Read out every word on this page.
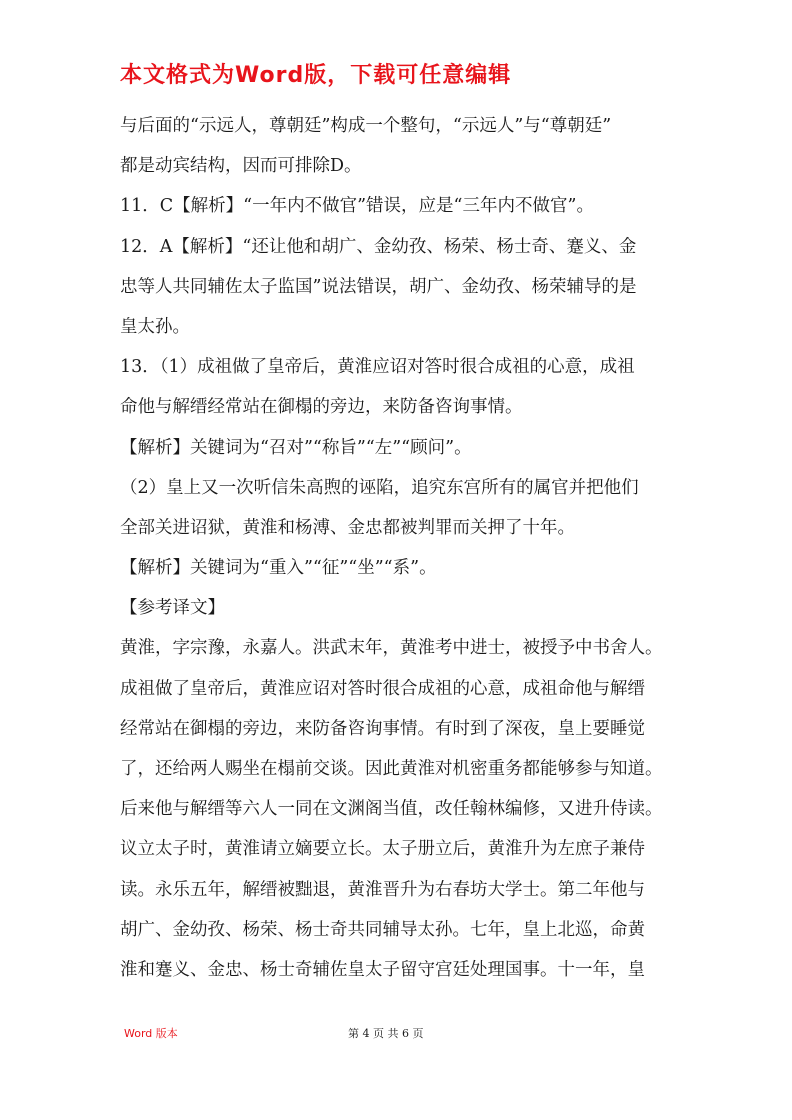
本文格式为Word版，下载可任意编辑
与后面的“示远人，尊朝廷”构成一个整句，“示远人”与“尊朝廷”
都是动宾结构，因而可排除D。
11．C【解析】“一年内不做官”错误，应是“三年内不做官”。
12．A【解析】“还让他和胡广、金幼孜、杨荣、杨士奇、蹇义、金
忠等人共同辅佐太子监国”说法错误，胡广、金幼孜、杨荣辅导的是
皇太孙。
13．（1）成祖做了皇帝后，黄淮应诏对答时很合成祖的心意，成祖
命他与解缙经常站在御榻的旁边，来防备咨询事情。
【解析】关键词为“召对”“称旨”“左”“顾问”。
（2）皇上又一次听信朱高煦的诬陷，追究东宫所有的属官并把他们
全部关进诏狱，黄淮和杨溥、金忠都被判罪而关押了十年。
【解析】关键词为“重入”“征”“坐”“系”。
【参考译文】
黄淮，字宗豫，永嘉人。洪武末年，黄淮考中进士，被授予中书舍人。
成祖做了皇帝后，黄淮应诏对答时很合成祖的心意，成祖命他与解缙
经常站在御榻的旁边，来防备咨询事情。有时到了深夜，皇上要睡觉
了，还给两人赐坐在榻前交谈。因此黄淮对机密重务都能够参与知道。
后来他与解缙等六人一同在文渊阁当值，改任翰林编修，又进升侍读。
议立太子时，黄淮请立嫡要立长。太子册立后，黄淮升为左庶子兼侍
读。永乐五年，解缙被黜退，黄淮晋升为右春坊大学士。第二年他与
胡广、金幼孜、杨荣、杨士奇共同辅导太孙。七年，皇上北巡，命黄
淮和蹇义、金忠、杨士奇辅佐皇太子留守宫廷处理国事。十一年，皇
Word 版本	第 4 页 共 6 页
